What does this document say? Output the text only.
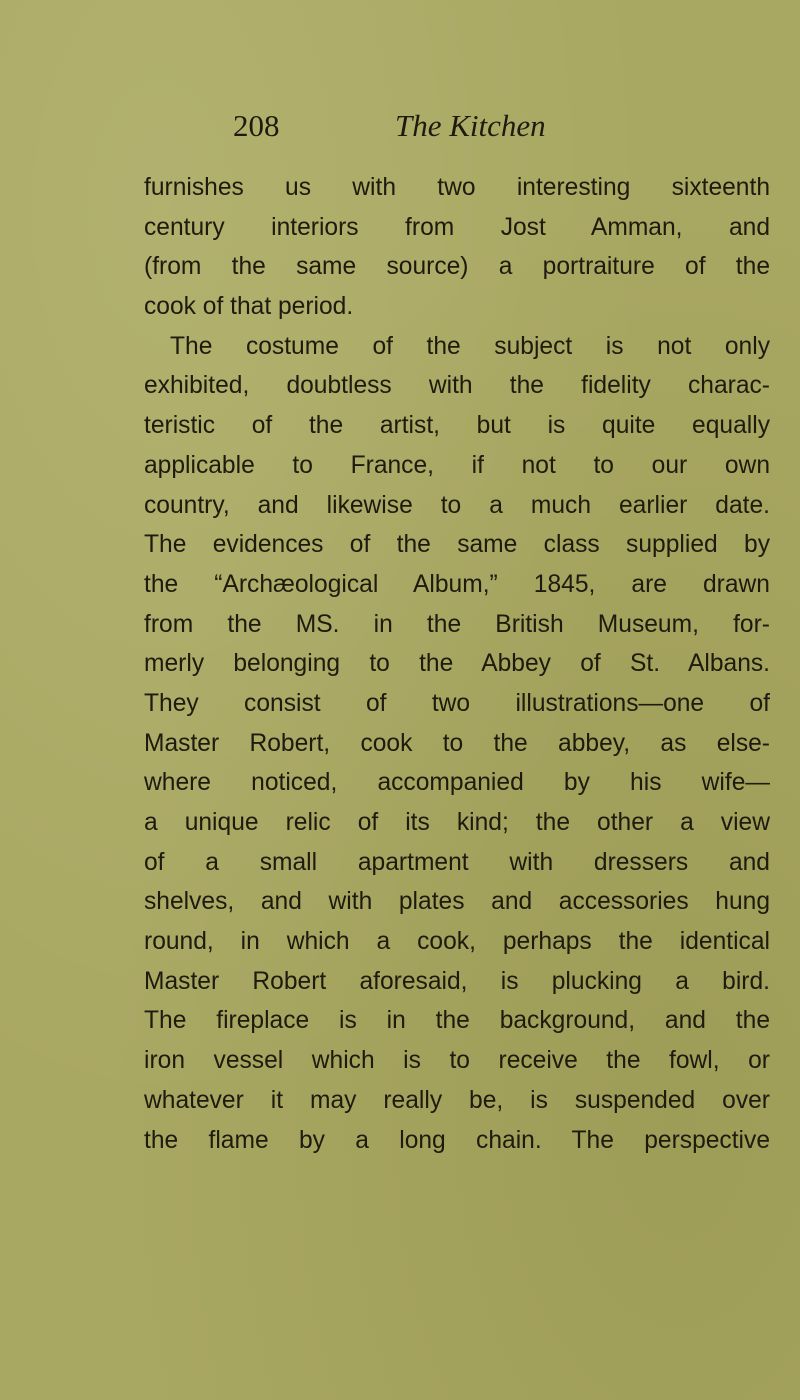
208	The Kitchen
furnishes us with two interesting sixteenth
century interiors from Jost Amman, and
(from the same source) a portraiture of the
cook of that period.
The costume of the subject is not only
exhibited, doubtless with the fidelity charac-
teristic of the artist, but is quite equally
applicable to France, if not to our own
country, and likewise to a much earlier date.
The evidences of the same class supplied by
the “Archæological Album,” 1845, are drawn
from the MS. in the British Museum, for-
merly belonging to the Abbey of St. Albans.
They consist of two illustrations—one of
Master Robert, cook to the abbey, as else-
where noticed, accompanied by his wife—
a unique relic of its kind; the other a view
of a small apartment with dressers and
shelves, and with plates and accessories hung
round, in which a cook, perhaps the identical
Master Robert aforesaid, is plucking a bird.
The fireplace is in the background, and the
iron vessel which is to receive the fowl, or
whatever it may really be, is suspended over
the flame by a long chain. The perspective
